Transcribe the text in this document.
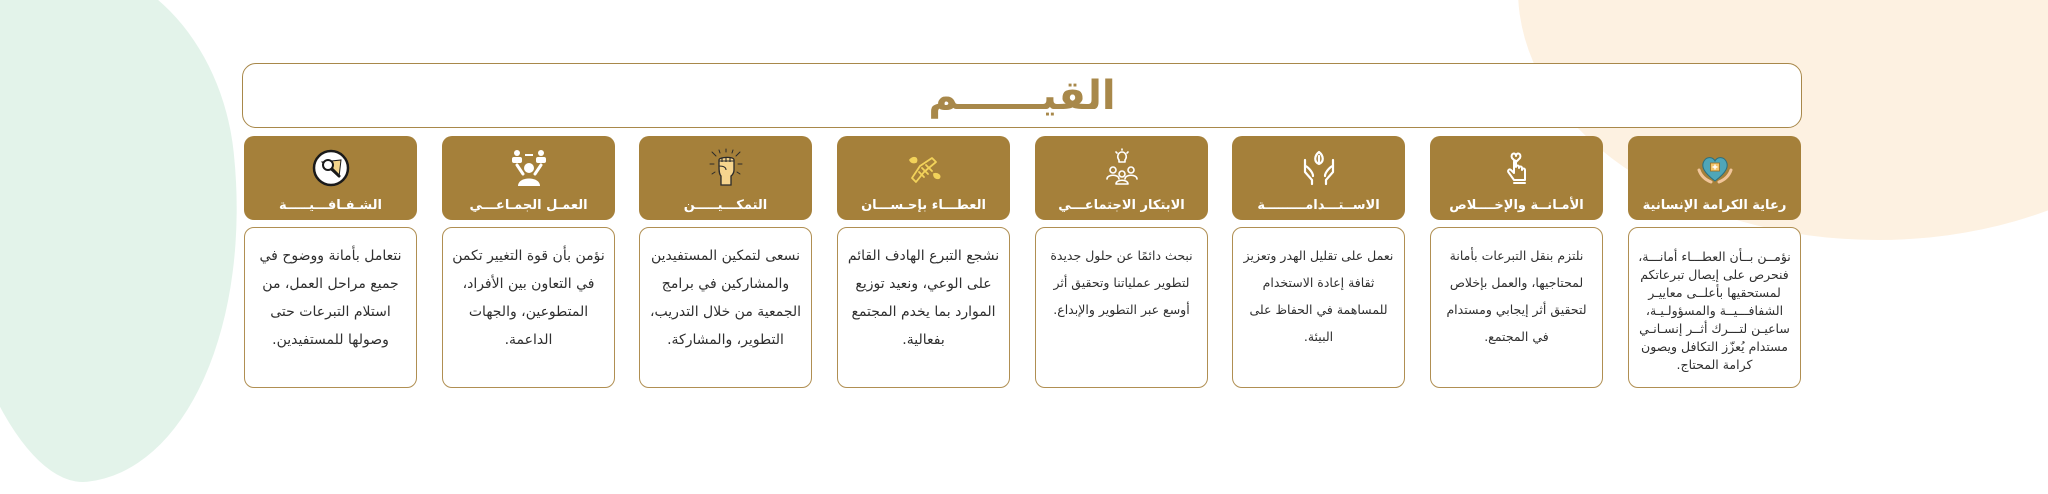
القيــــــم
رعاية الكرامة الإنسانية
نؤمــن بــأن العطـــاء أمانـــة، فنحرص على إيصال تبرعاتكم لمستحقيها بأعلــى معاييـر الشفافـــيــة والمسؤولـيـة، ساعيـن لتـــرك أثــر إنسـانـي مستدام يُعزّز التكافل ويصون كرامة المحتاج.
الأمـانــة والإخــــلاص
نلتزم بنقل التبرعات بأمانة لمحتاجيها، والعمل بإخلاص لتحقيق أثر إيجابي ومستدام في المجتمع.
الاســتـــدامـــــــــة
نعمل على تقليل الهدر وتعزيز ثقافة إعادة الاستخدام للمساهمة في الحفاظ على البيئة.
الابتكار الاجتماعـــي
نبحث دائمًا عن حلول جديدة لتطوير عملياتنا وتحقيق أثر أوسع عبر التطوير والإبداع.
العطـــاء بإحـســـان
نشجع التبرع الهادف القائم على الوعي، ونعيد توزيع الموارد بما يخدم المجتمع بفعالية.
التمكـــيـــــن
نسعى لتمكين المستفيدين والمشاركين في برامج الجمعية من خلال التدريب، التطوير، والمشاركة.
العمـل الجمـاعـــي
نؤمن بأن قوة التغيير تكمن في التعاون بين الأفراد، المتطوعين، والجهات الداعمة.
الشـفـافـــيـــــة
نتعامل بأمانة ووضوح في جميع مراحل العمل، من استلام التبرعات حتى وصولها للمستفيدين.
